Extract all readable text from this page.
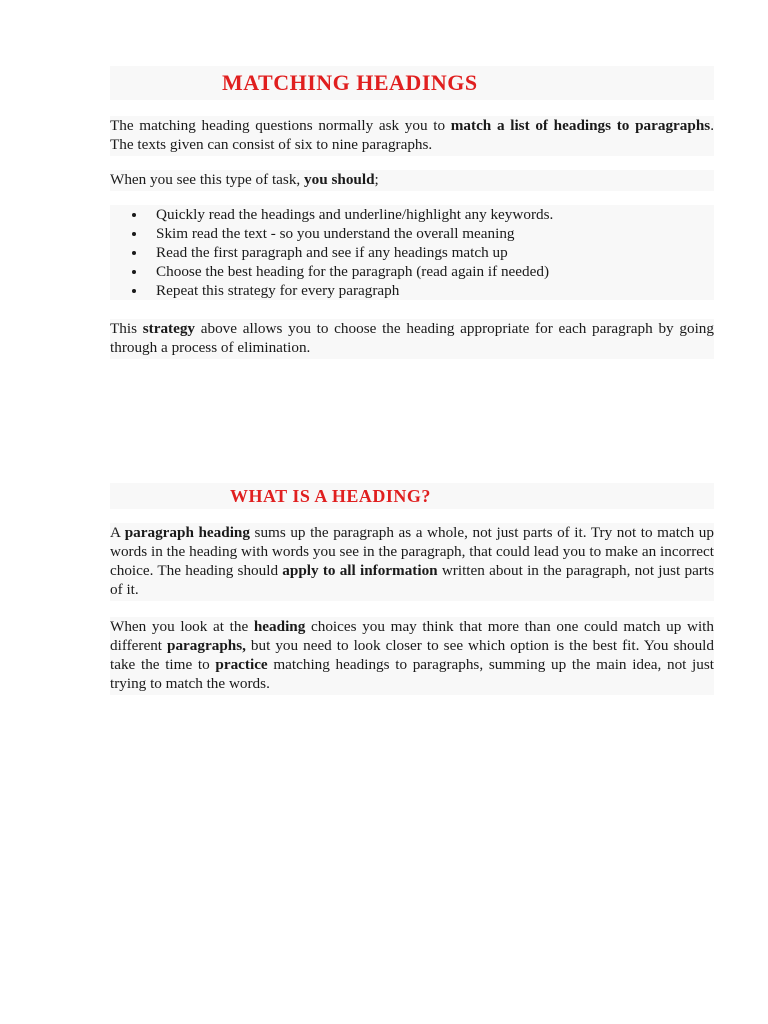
MATCHING HEADINGS

The matching heading questions normally ask you to match a list of headings to paragraphs. The texts given can consist of six to nine paragraphs.

When you see this type of task, you should;

Quickly read the headings and underline/highlight any keywords.
Skim read the text - so you understand the overall meaning
Read the first paragraph and see if any headings match up
Choose the best heading for the paragraph (read again if needed)
Repeat this strategy for every paragraph

This strategy above allows you to choose the heading appropriate for each paragraph by going through a process of elimination.

WHAT IS A HEADING?

A paragraph heading sums up the paragraph as a whole, not just parts of it. Try not to match up words in the heading with words you see in the paragraph, that could lead you to make an incorrect choice. The heading should apply to all information written about in the paragraph, not just parts of it.

When you look at the heading choices you may think that more than one could match up with different paragraphs, but you need to look closer to see which option is the best fit. You should take the time to practice matching headings to paragraphs, summing up the main idea, not just trying to match the words.
